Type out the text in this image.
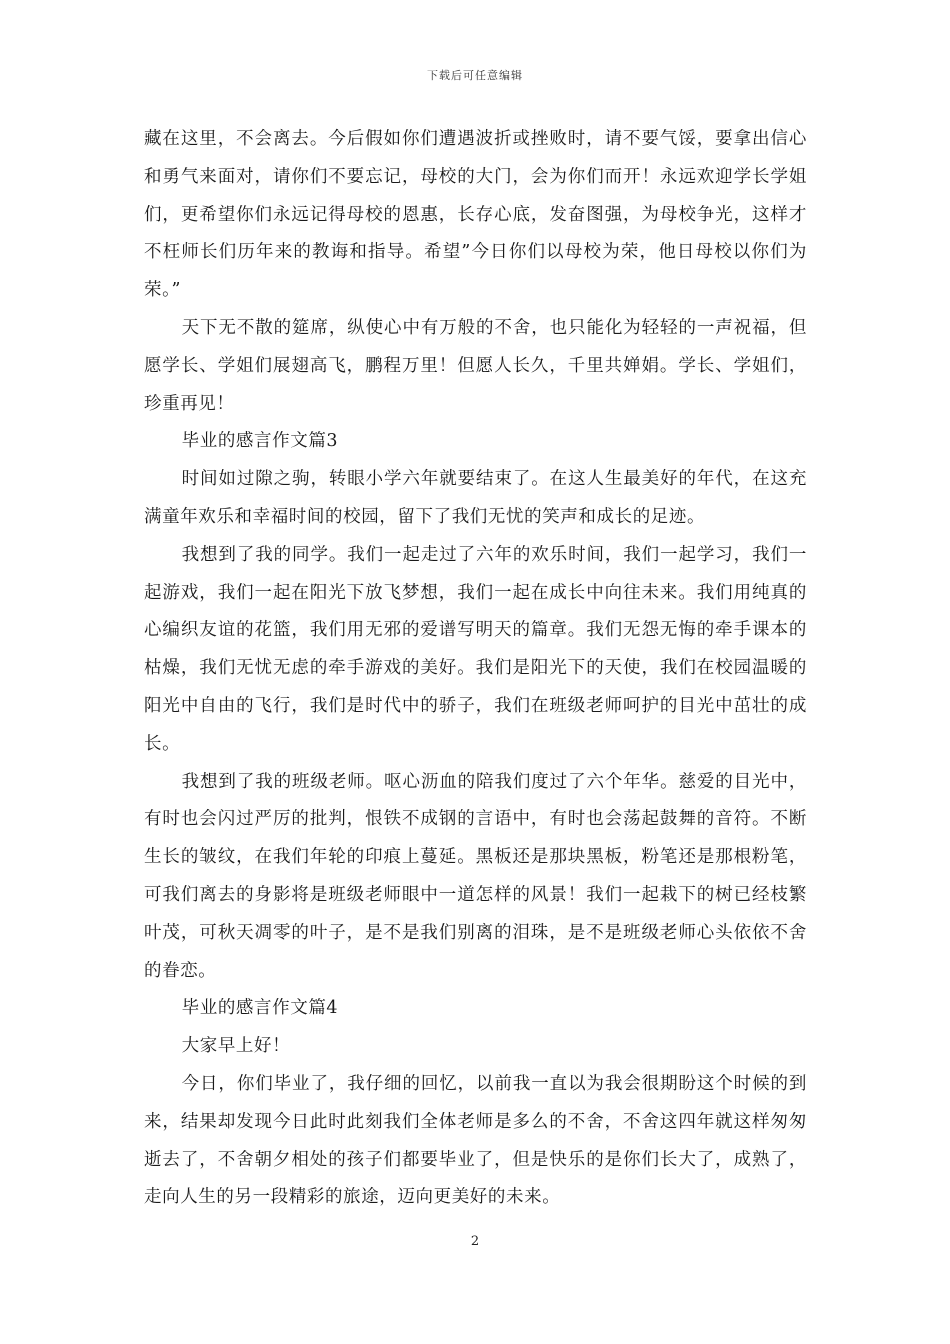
下载后可任意编辑

藏在这里，不会离去。今后假如你们遭遇波折或挫败时，请不要气馁，要拿出信心和勇气来面对，请你们不要忘记，母校的大门，会为你们而开！永远欢迎学长学姐们，更希望你们永远记得母校的恩惠，长存心底，发奋图强，为母校争光，这样才不枉师长们历年来的教诲和指导。希望”今日你们以母校为荣，他日母校以你们为荣。”

天下无不散的筵席，纵使心中有万般的不舍，也只能化为轻轻的一声祝福，但愿学长、学姐们展翅高飞，鹏程万里！但愿人长久，千里共婵娟。学长、学姐们，珍重再见！

毕业的感言作文篇3

时间如过隙之驹，转眼小学六年就要结束了。在这人生最美好的年代，在这充满童年欢乐和幸福时间的校园，留下了我们无忧的笑声和成长的足迹。

我想到了我的同学。我们一起走过了六年的欢乐时间，我们一起学习，我们一起游戏，我们一起在阳光下放飞梦想，我们一起在成长中向往未来。我们用纯真的心编织友谊的花篮，我们用无邪的爱谱写明天的篇章。我们无怨无悔的牵手课本的枯燥，我们无忧无虑的牵手游戏的美好。我们是阳光下的天使，我们在校园温暖的阳光中自由的飞行，我们是时代中的骄子，我们在班级老师呵护的目光中茁壮的成长。

我想到了我的班级老师。呕心沥血的陪我们度过了六个年华。慈爱的目光中，有时也会闪过严厉的批判，恨铁不成钢的言语中，有时也会荡起鼓舞的音符。不断生长的皱纹，在我们年轮的印痕上蔓延。黑板还是那块黑板，粉笔还是那根粉笔，可我们离去的身影将是班级老师眼中一道怎样的风景！我们一起栽下的树已经枝繁叶茂，可秋天凋零的叶子，是不是我们别离的泪珠，是不是班级老师心头依依不舍的眷恋。

毕业的感言作文篇4

大家早上好！

今日，你们毕业了，我仔细的回忆，以前我一直以为我会很期盼这个时候的到来，结果却发现今日此时此刻我们全体老师是多么的不舍，不舍这四年就这样匆匆逝去了，不舍朝夕相处的孩子们都要毕业了，但是快乐的是你们长大了，成熟了，走向人生的另一段精彩的旅途，迈向更美好的未来。

2
